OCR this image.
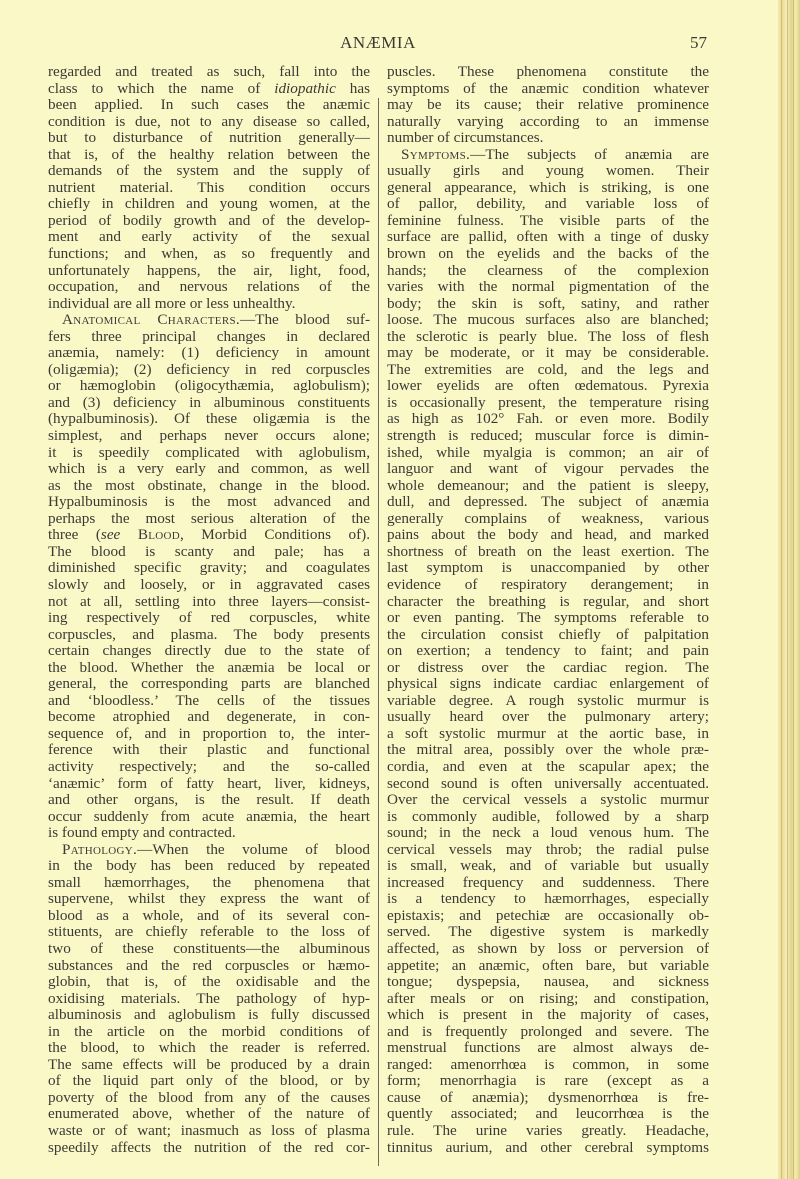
ANÆMIA	57
regarded and treated as such, fall into the
class to which the name of idiopathic has
been applied. In such cases the anæmic
condition is due, not to any disease so called,
but to disturbance of nutrition generally—
that is, of the healthy relation between the
demands of the system and the supply of
nutrient material. This condition occurs
chiefly in children and young women, at the
period of bodily growth and of the develop-
ment and early activity of the sexual
functions; and when, as so frequently and
unfortunately happens, the air, light, food,
occupation, and nervous relations of the
individual are all more or less unhealthy.
Anatomical Characters.—The blood suf-
fers three principal changes in declared
anæmia, namely: (1) deficiency in amount
(oligæmia); (2) deficiency in red corpuscles
or hæmoglobin (oligocythæmia, aglobulism);
and (3) deficiency in albuminous constituents
(hypalbuminosis). Of these oligæmia is the
simplest, and perhaps never occurs alone;
it is speedily complicated with aglobulism,
which is a very early and common, as well
as the most obstinate, change in the blood.
Hypalbuminosis is the most advanced and
perhaps the most serious alteration of the
three (see Blood, Morbid Conditions of).
The blood is scanty and pale; has a
diminished specific gravity; and coagulates
slowly and loosely, or in aggravated cases
not at all, settling into three layers—consist-
ing respectively of red corpuscles, white
corpuscles, and plasma. The body presents
certain changes directly due to the state of
the blood. Whether the anæmia be local or
general, the corresponding parts are blanched
and ‘bloodless.’ The cells of the tissues
become atrophied and degenerate, in con-
sequence of, and in proportion to, the inter-
ference with their plastic and functional
activity respectively; and the so-called
‘anæmic’ form of fatty heart, liver, kidneys,
and other organs, is the result. If death
occur suddenly from acute anæmia, the heart
is found empty and contracted.
Pathology.—When the volume of blood
in the body has been reduced by repeated
small hæmorrhages, the phenomena that
supervene, whilst they express the want of
blood as a whole, and of its several con-
stituents, are chiefly referable to the loss of
two of these constituents—the albuminous
substances and the red corpuscles or hæmo-
globin, that is, of the oxidisable and the
oxidising materials. The pathology of hyp-
albuminosis and aglobulism is fully discussed
in the article on the morbid conditions of
the blood, to which the reader is referred.
The same effects will be produced by a drain
of the liquid part only of the blood, or by
poverty of the blood from any of the causes
enumerated above, whether of the nature of
waste or of want; inasmuch as loss of plasma
speedily affects the nutrition of the red cor-
puscles. These phenomena constitute the
symptoms of the anæmic condition whatever
may be its cause; their relative prominence
naturally varying according to an immense
number of circumstances.
Symptoms.—The subjects of anæmia are
usually girls and young women. Their
general appearance, which is striking, is one
of pallor, debility, and variable loss of
feminine fulness. The visible parts of the
surface are pallid, often with a tinge of dusky
brown on the eyelids and the backs of the
hands; the clearness of the complexion
varies with the normal pigmentation of the
body; the skin is soft, satiny, and rather
loose. The mucous surfaces also are blanched;
the sclerotic is pearly blue. The loss of flesh
may be moderate, or it may be considerable.
The extremities are cold, and the legs and
lower eyelids are often œdematous. Pyrexia
is occasionally present, the temperature rising
as high as 102° Fah. or even more. Bodily
strength is reduced; muscular force is dimin-
ished, while myalgia is common; an air of
languor and want of vigour pervades the
whole demeanour; and the patient is sleepy,
dull, and depressed. The subject of anæmia
generally complains of weakness, various
pains about the body and head, and marked
shortness of breath on the least exertion. The
last symptom is unaccompanied by other
evidence of respiratory derangement; in
character the breathing is regular, and short
or even panting. The symptoms referable to
the circulation consist chiefly of palpitation
on exertion; a tendency to faint; and pain
or distress over the cardiac region. The
physical signs indicate cardiac enlargement of
variable degree. A rough systolic murmur is
usually heard over the pulmonary artery;
a soft systolic murmur at the aortic base, in
the mitral area, possibly over the whole præ-
cordia, and even at the scapular apex; the
second sound is often universally accentuated.
Over the cervical vessels a systolic murmur
is commonly audible, followed by a sharp
sound; in the neck a loud venous hum. The
cervical vessels may throb; the radial pulse
is small, weak, and of variable but usually
increased frequency and suddenness. There
is a tendency to hæmorrhages, especially
epistaxis; and petechiæ are occasionally ob-
served. The digestive system is markedly
affected, as shown by loss or perversion of
appetite; an anæmic, often bare, but variable
tongue; dyspepsia, nausea, and sickness
after meals or on rising; and constipation,
which is present in the majority of cases,
and is frequently prolonged and severe. The
menstrual functions are almost always de-
ranged: amenorrhœa is common, in some
form; menorrhagia is rare (except as a
cause of anæmia); dysmenorrhœa is fre-
quently associated; and leucorrhœa is the
rule. The urine varies greatly. Headache,
tinnitus aurium, and other cerebral symptoms
